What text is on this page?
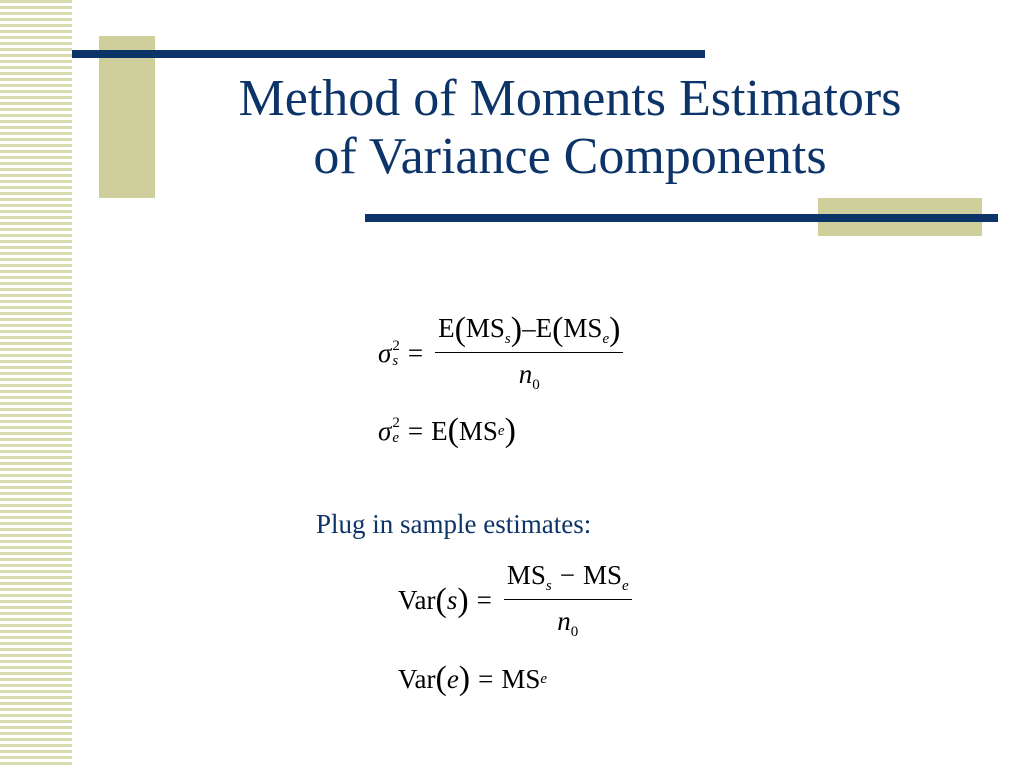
Method of Moments Estimators
of Variance Components
σ 2
$s = \frac{E(MS_s)-E(MS_e)}{n_0}$
σ 2
e = E ( MS e )
Plug in sample estimates:
Var ( s ) = $\frac{MS_s - MS_e}{n_0}$
Var ( e ) = MS e
